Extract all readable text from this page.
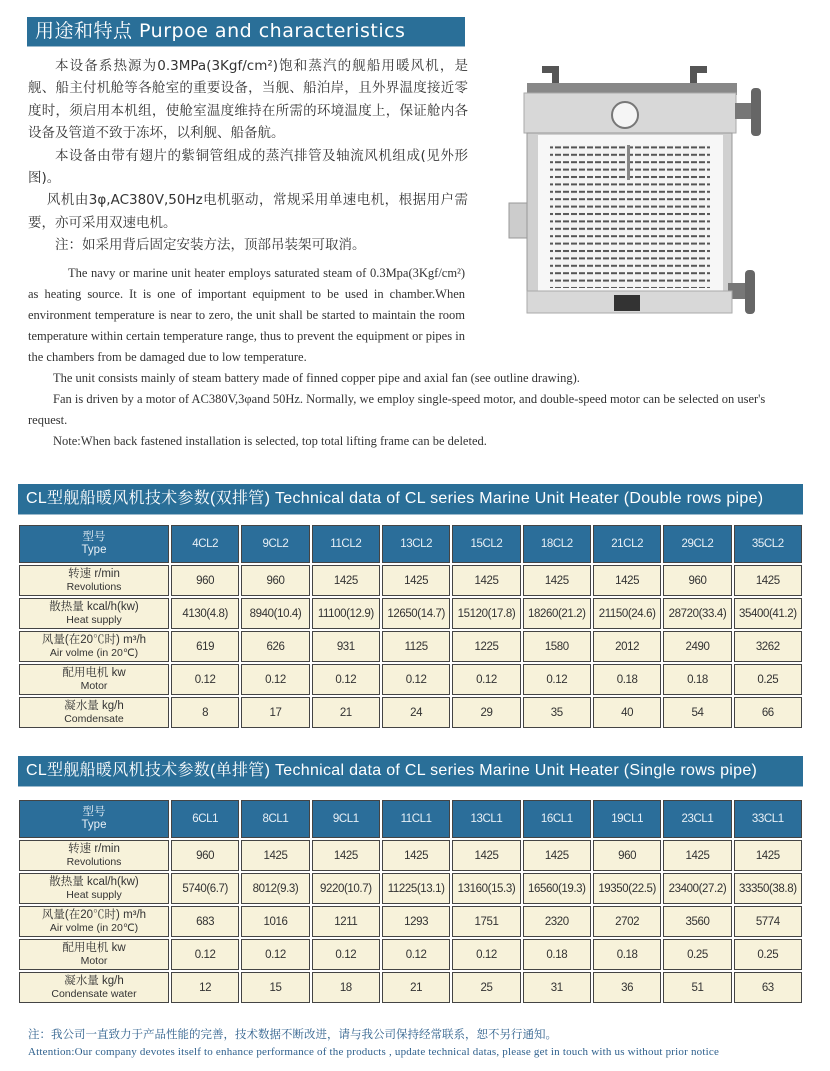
用途和特点 Purpoe and characteristics

本设备系热源为0.3MPa(3Kgf/cm²)饱和蒸汽的舰船用暖风机，是舰、船主付机舱等各舱室的重要设备，当舰、船泊岸，且外界温度接近零度时，须启用本机组，使舱室温度维持在所需的环境温度上，保证舱内各设备及管道不致于冻坏，以利舰、船备航。

本设备由带有翅片的紫铜管组成的蒸汽排管及轴流风机组成(见外形图)。

风机由3φ,AC380V,50Hz电机驱动，常规采用单速电机，根据用户需要，亦可采用双速电机。

注：如采用背后固定安装方法，顶部吊装架可取消。

The navy or marine unit heater employs saturated steam of 0.3Mpa(3Kgf/cm²) as heating source. It is one of important equipment to be used in chamber.When environment temperature is near to zero, the unit shall be started to maintain the room temperature within certain temperature range, thus to prevent the equipment or pipes in the chambers from be damaged due to low temperature.

The unit consists mainly of steam battery made of finned copper pipe and axial fan (see outline drawing).

Fan is driven by a motor of AC380V,3φand 50Hz. Normally, we employ single-speed motor, and double-speed motor can be selected on user's request.

Note:When back fastened installation is selected, top total lifting frame can be deleted.

CL型舰船暖风机技术参数(双排管) Technical data of CL series Marine Unit Heater (Double rows pipe)
型号
Type	4CL2	9CL2	11CL2	13CL2	15CL2	18CL2	21CL2	29CL2	35CL2

转速 r/min
Revolutions	960	960	1425	1425	1425	1425	1425	960	1425

散热量 kcal/h(kw)
Heat supply	4130(4.8)	8940(10.4)	11100(12.9)	12650(14.7)	15120(17.8)	18260(21.2)	21150(24.6)	28720(33.4)	35400(41.2)

风量(在20℃时) m³/h
Air volme (in 20℃)	619	626	931	1125	1225	1580	2012	2490	3262

配用电机 kw
Motor	0.12	0.12	0.12	0.12	0.12	0.12	0.18	0.18	0.25

凝水量 kg/h
Comdensate	8	17	21	24	29	35	40	54	66
CL型舰船暖风机技术参数(单排管) Technical data of CL series Marine Unit Heater (Single rows pipe)
型号
Type	6CL1	8CL1	9CL1	11CL1	13CL1	16CL1	19CL1	23CL1	33CL1

转速 r/min
Revolutions	960	1425	1425	1425	1425	1425	960	1425	1425

散热量 kcal/h(kw)
Heat supply	5740(6.7)	8012(9.3)	9220(10.7)	11225(13.1)	13160(15.3)	16560(19.3)	19350(22.5)	23400(27.2)	33350(38.8)

风量(在20℃时) m³/h
Air volme (in 20℃)	683	1016	1211	1293	1751	2320	2702	3560	5774

配用电机 kw
Motor	0.12	0.12	0.12	0.12	0.12	0.18	0.18	0.25	0.25

凝水量 kg/h
Condensate water	12	15	18	21	25	31	36	51	63
注：我公司一直致力于产品性能的完善，技术数据不断改进，请与我公司保持经常联系，恕不另行通知。
Attention:Our company devotes itself to enhance performance of the products , update technical datas, please get in touch with us without prior notice
